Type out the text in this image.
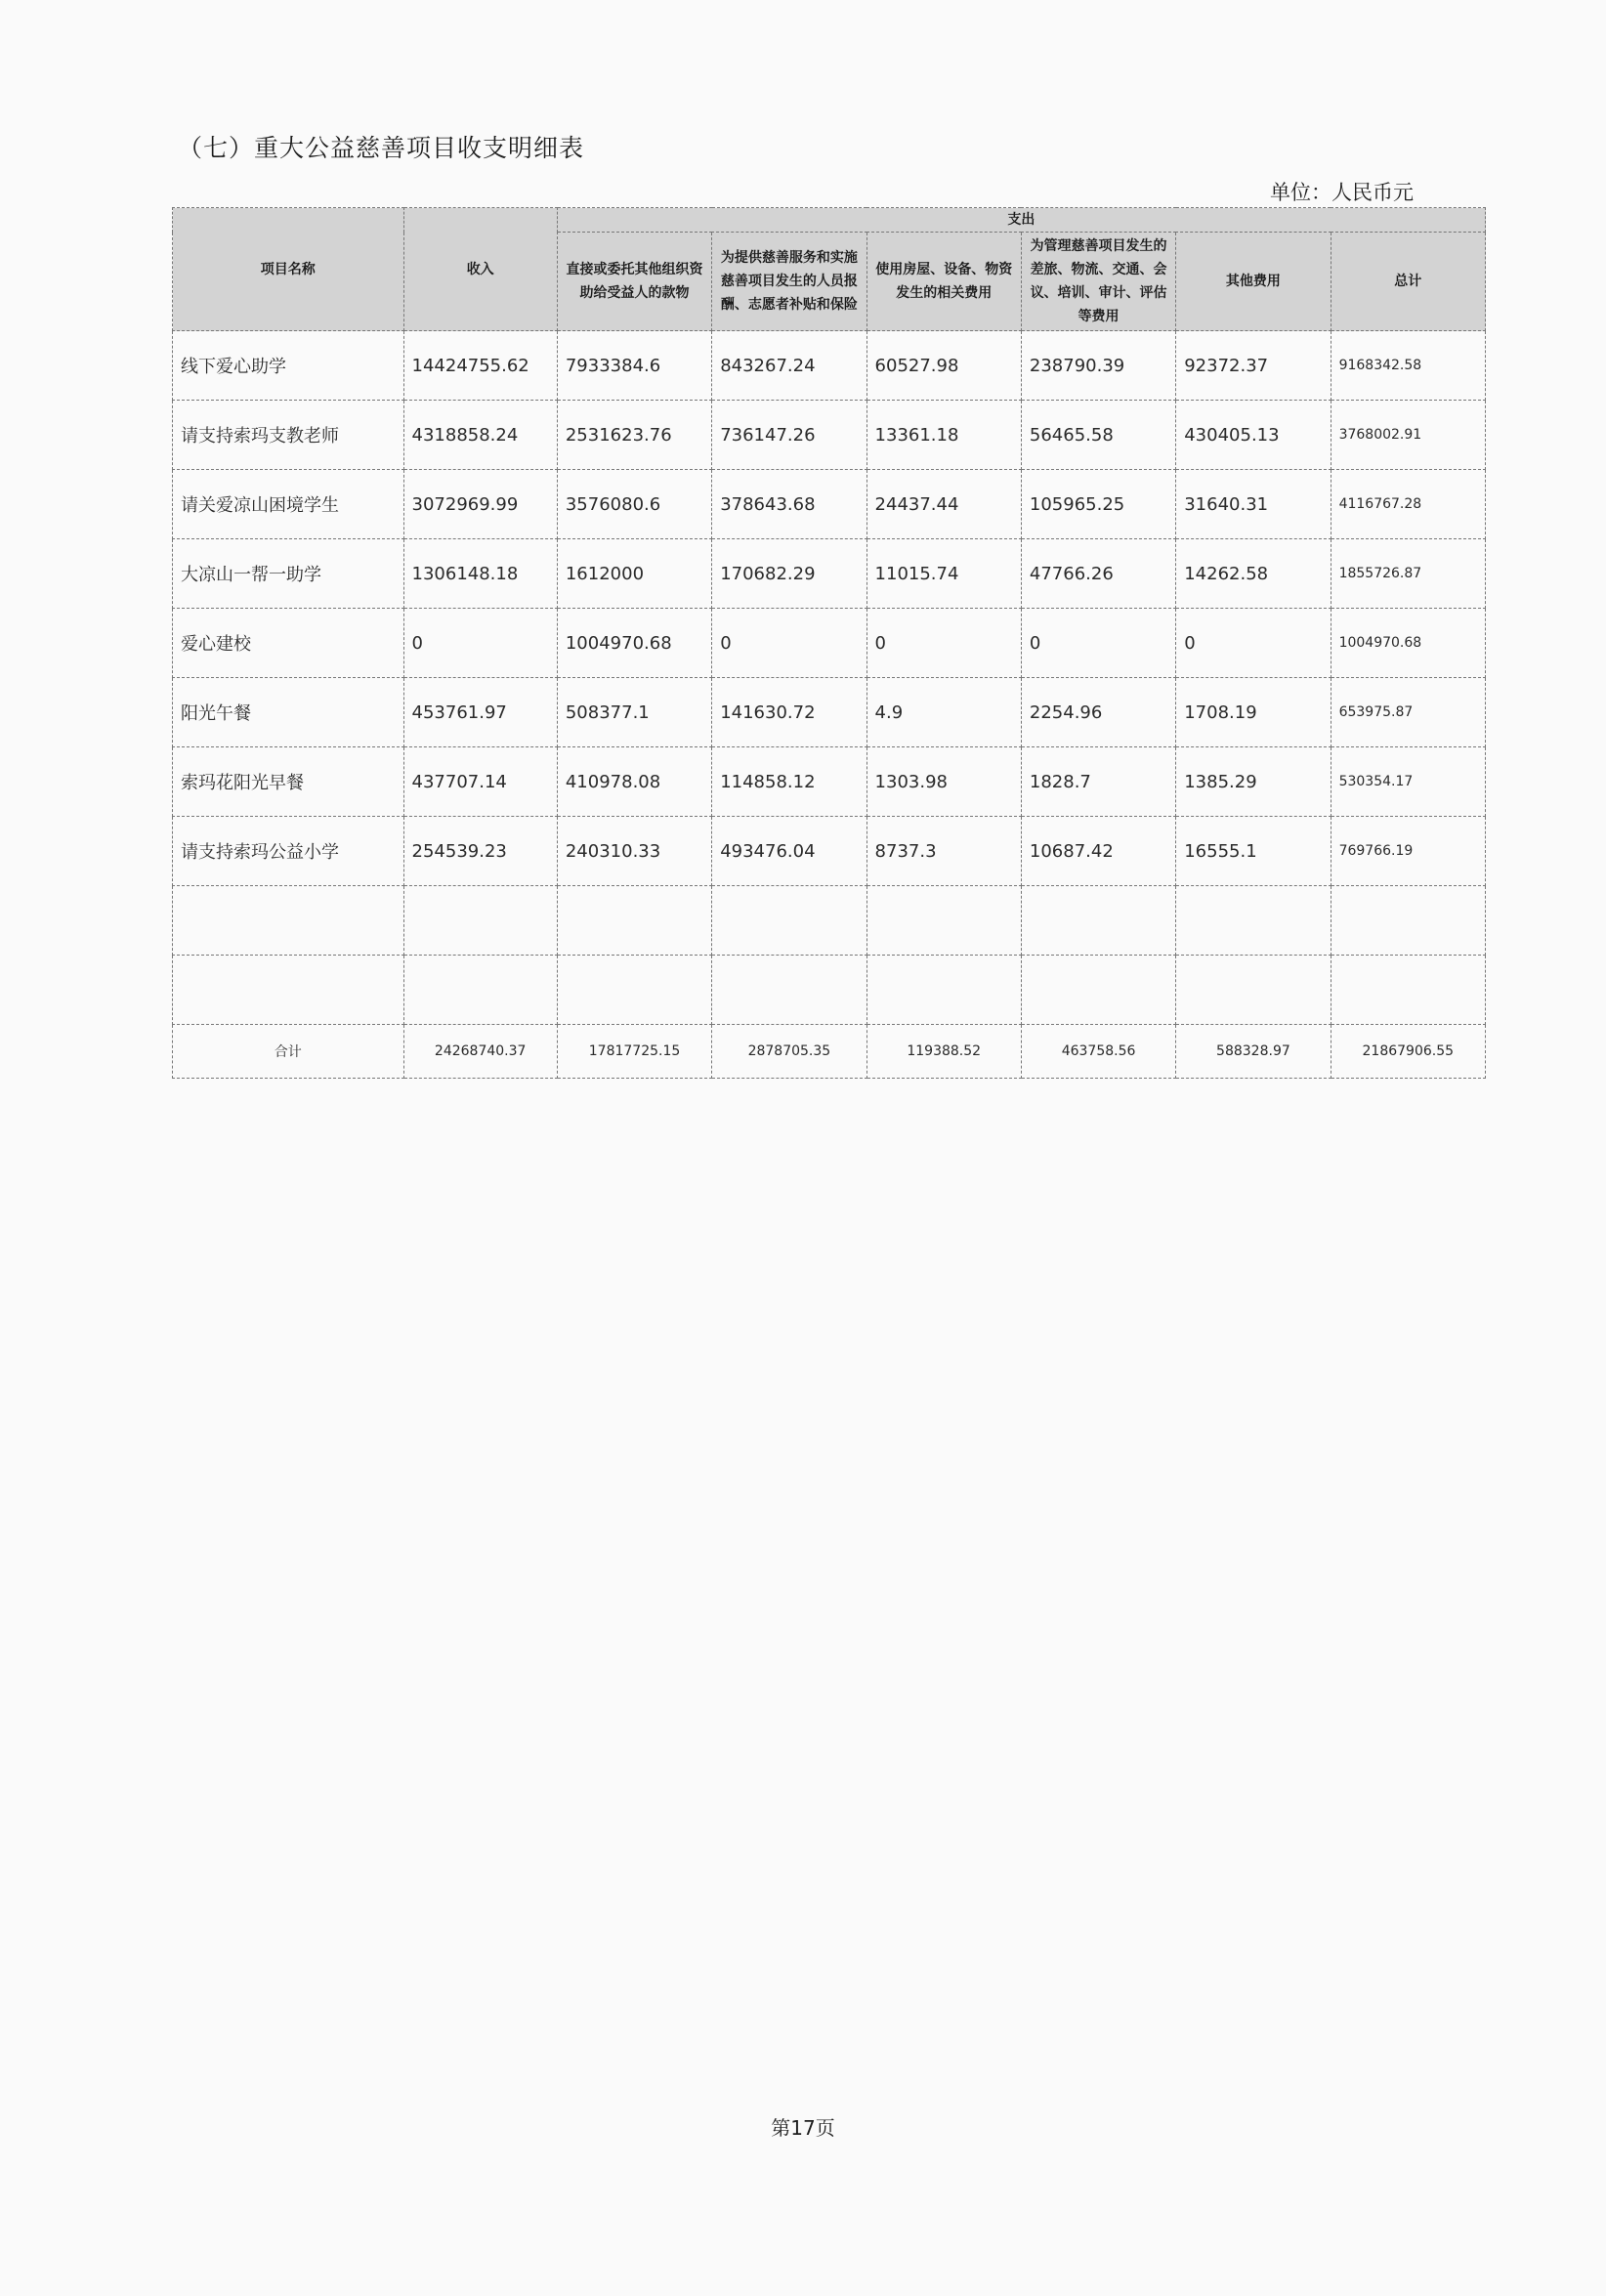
（七）重大公益慈善项目收支明细表
单位：人民币元
项目名称	收入	支出					
		直接或委托其他组织资助给受益人的款物	为提供慈善服务和实施慈善项目发生的人员报酬、志愿者补贴和保险	使用房屋、设备、物资发生的相关费用	为管理慈善项目发生的差旅、物流、交通、会议、培训、审计、评估等费用	其他费用	总计
线下爱心助学	14424755.62	7933384.6	843267.24	60527.98	238790.39	92372.37	9168342.58
请支持索玛支教老师	4318858.24	2531623.76	736147.26	13361.18	56465.58	430405.13	3768002.91
请关爱凉山困境学生	3072969.99	3576080.6	378643.68	24437.44	105965.25	31640.31	4116767.28
大凉山一帮一助学	1306148.18	1612000	170682.29	11015.74	47766.26	14262.58	1855726.87
爱心建校	0	1004970.68	0	0	0	0	1004970.68
阳光午餐	453761.97	508377.1	141630.72	4.9	2254.96	1708.19	653975.87
索玛花阳光早餐	437707.14	410978.08	114858.12	1303.98	1828.7	1385.29	530354.17
请支持索玛公益小学	254539.23	240310.33	493476.04	8737.3	10687.42	16555.1	769766.19

合计	24268740.37	17817725.15	2878705.35	119388.52	463758.56	588328.97	21867906.55
第17页
